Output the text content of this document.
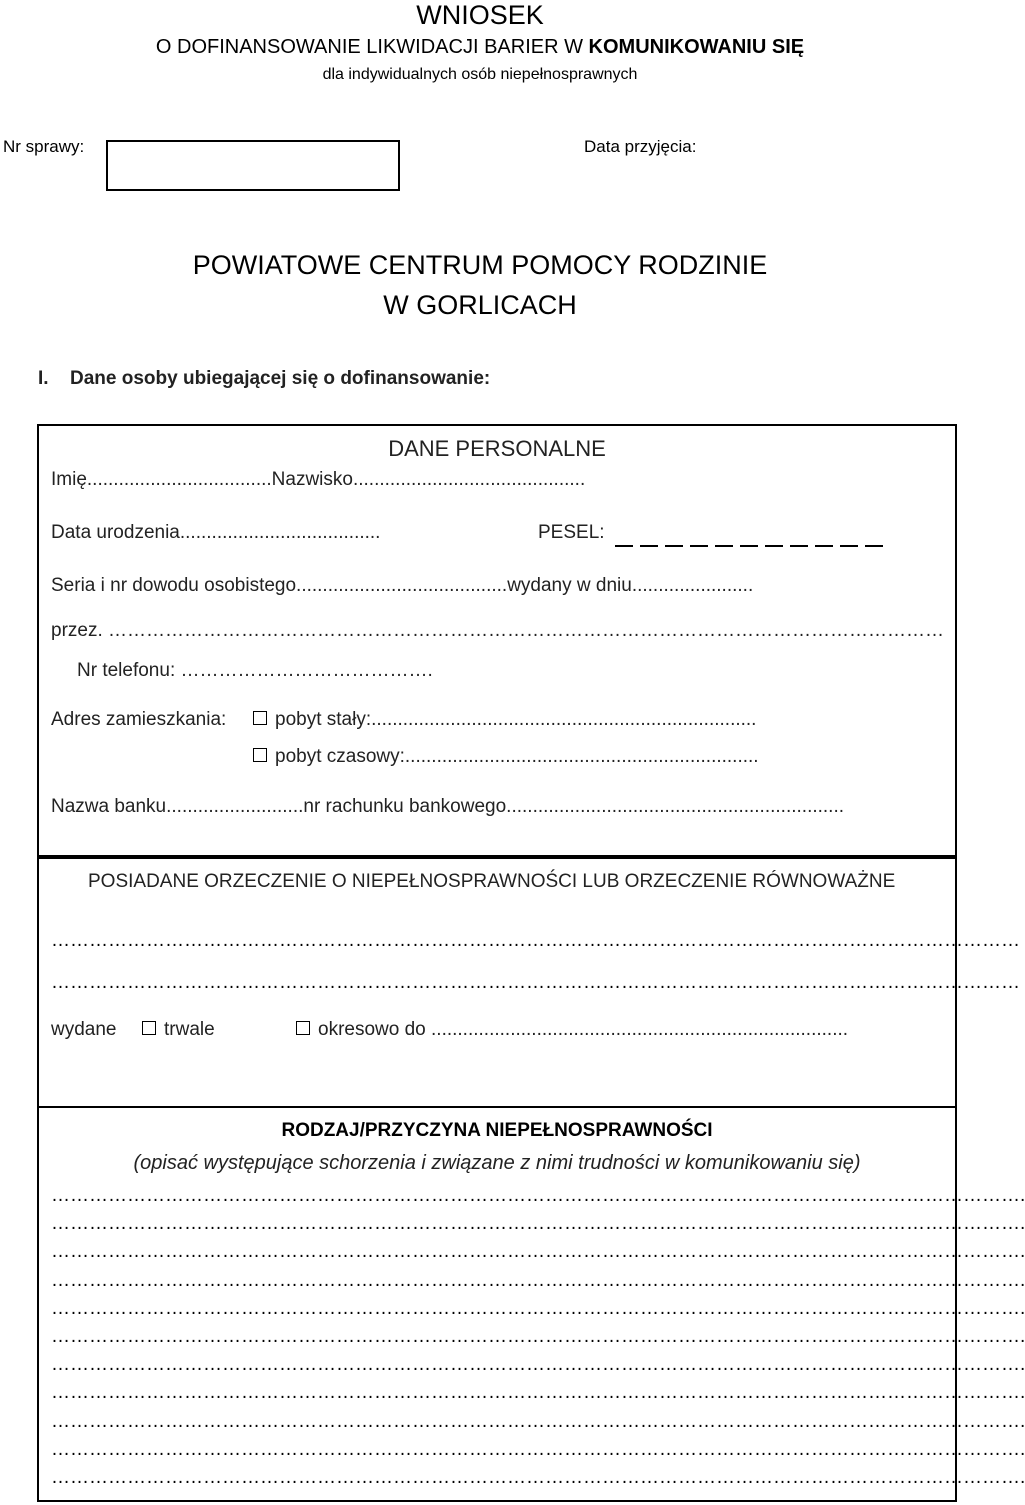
WNIOSEK
O DOFINANSOWANIE LIKWIDACJI BARIER W KOMUNIKOWANIU SIĘ
dla indywidualnych osób niepełnosprawnych
Nr sprawy:	Data przyjęcia:
POWIATOWE CENTRUM POMOCY RODZINIE
W GORLICACH
I. Dane osoby ubiegającej się o dofinansowanie:
DANE PERSONALNE
Imię...................................Nazwisko............................................
Data urodzenia......................................	PESEL:
Seria i nr dowodu osobistego........................................wydany w dniu.......................
przez. ……………………………………………………………………………………………………………………
Nr telefonu: ………………………………….
Adres zamieszkania:	pobyt stały:.........................................................................
pobyt czasowy:...................................................................
Nazwa banku..........................nr rachunku bankowego................................................................
POSIADANE ORZECZENIE O NIEPEŁNOSPRAWNOŚCI LUB ORZECZENIE RÓWNOWAŻNE
………………………………………………………………………………………………………………………………………
………………………………………………………………………………………………………………………………………
wydane	trwale	okresowo do ...............................................................................
RODZAJ/PRZYCZYNA NIEPEŁNOSPRAWNOŚCI
(opisać występujące schorzenia i związane z nimi trudności w komunikowaniu się)
……………………………………………………………………………………………………………………………………….
……………………………………………………………………………………………………………………………………….
……………………………………………………………………………………………………………………………………….
……………………………………………………………………………………………………………………………………….
……………………………………………………………………………………………………………………………………….
……………………………………………………………………………………………………………………………………….
……………………………………………………………………………………………………………………………………….
……………………………………………………………………………………………………………………………………….
……………………………………………………………………………………………………………………………………….
……………………………………………………………………………………………………………………………………….
……………………………………………………………………………………………………………………………………….
